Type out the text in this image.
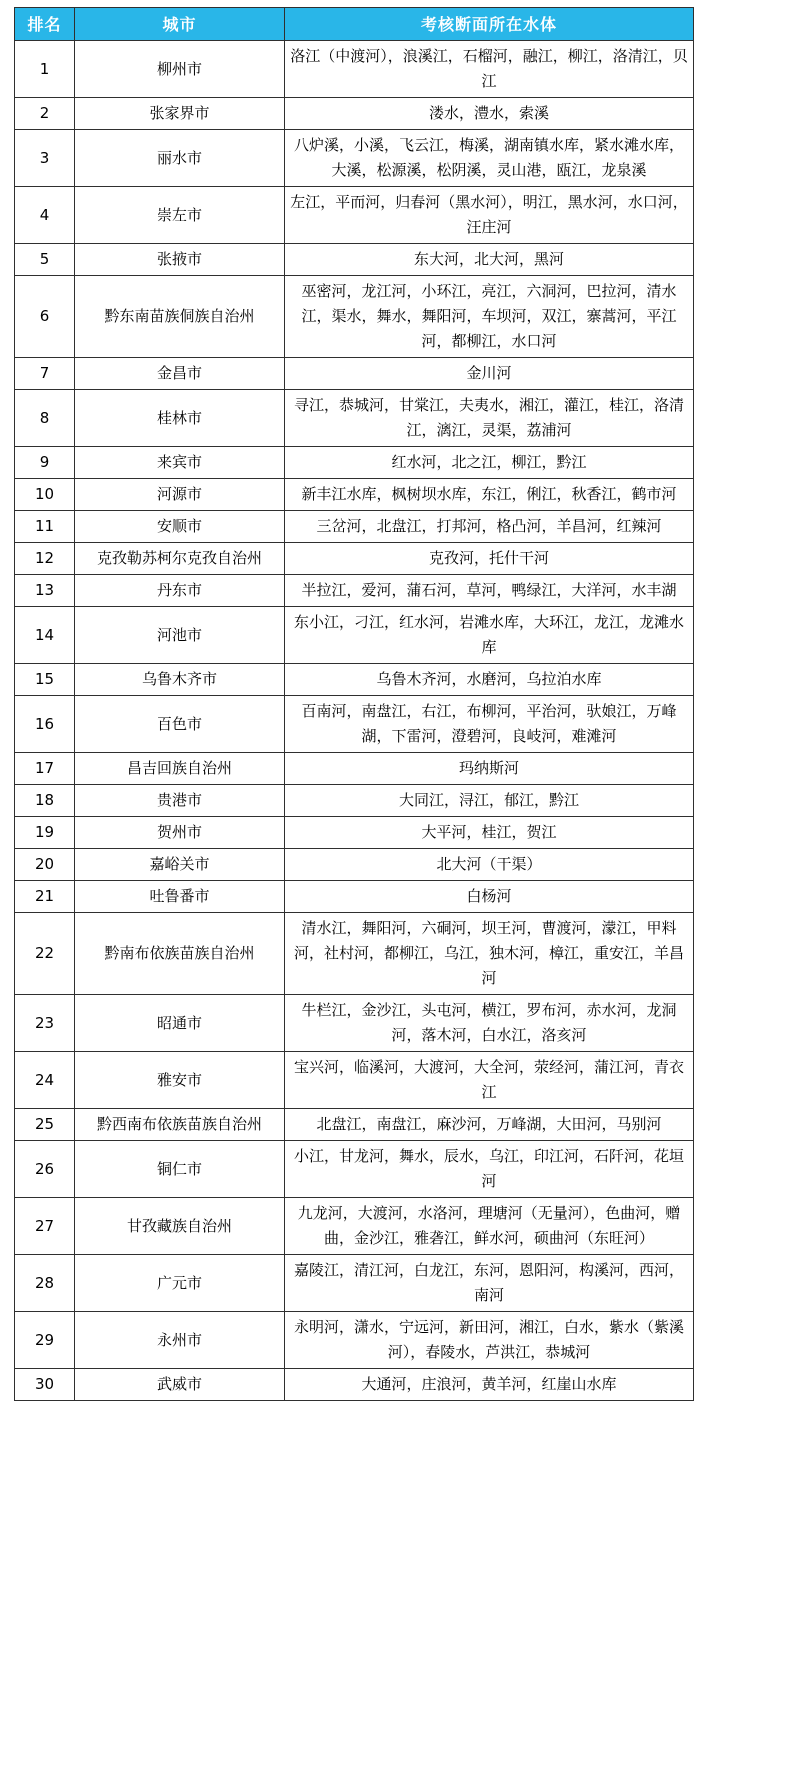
排名	城市	考核断面所在水体
1	柳州市	洛江（中渡河），浪溪江，石榴河，融江，柳江，洛清江，贝江
2	张家界市	溇水，澧水，索溪
3	丽水市	八炉溪，小溪，飞云江，梅溪，湖南镇水库，紧水滩水库，大溪，松源溪，松阴溪，灵山港，瓯江，龙泉溪
4	崇左市	左江，平而河，归春河（黑水河），明江，黑水河，水口河，汪庄河
5	张掖市	东大河，北大河，黑河
6	黔东南苗族侗族自治州	巫密河，龙江河，小环江，亮江，六洞河，巴拉河，清水江，渠水，舞水，舞阳河，车坝河，双江，寨蒿河，平江河，都柳江，水口河
7	金昌市	金川河
8	桂林市	寻江，恭城河，甘棠江，夫夷水，湘江，灌江，桂江，洛清江，漓江，灵渠，荔浦河
9	来宾市	红水河，北之江，柳江，黔江
10	河源市	新丰江水库，枫树坝水库，东江，俐江，秋香江，鹤市河
11	安顺市	三岔河，北盘江，打邦河，格凸河，羊昌河，红辣河
12	克孜勒苏柯尔克孜自治州	克孜河，托什干河
13	丹东市	半拉江，爱河，蒲石河，草河，鸭绿江，大洋河，水丰湖
14	河池市	东小江，刁江，红水河，岩滩水库，大环江，龙江，龙滩水库
15	乌鲁木齐市	乌鲁木齐河，水磨河，乌拉泊水库
16	百色市	百南河，南盘江，右江，布柳河，平治河，驮娘江，万峰湖，下雷河，澄碧河，良岐河，难滩河
17	昌吉回族自治州	玛纳斯河
18	贵港市	大同江，浔江，郁江，黔江
19	贺州市	大平河，桂江，贺江
20	嘉峪关市	北大河（干渠）
21	吐鲁番市	白杨河
22	黔南布依族苗族自治州	清水江，舞阳河，六硐河，坝王河，曹渡河，濛江，甲料河，社村河，都柳江，乌江，独木河，樟江，重安江，羊昌河
23	昭通市	牛栏江，金沙江，头屯河，横江，罗布河，赤水河，龙洞河，落木河，白水江，洛亥河
24	雅安市	宝兴河，临溪河，大渡河，大全河，荥经河，蒲江河，青衣江
25	黔西南布依族苗族自治州	北盘江，南盘江，麻沙河，万峰湖，大田河，马别河
26	铜仁市	小江，甘龙河，舞水，辰水，乌江，印江河，石阡河，花垣河
27	甘孜藏族自治州	九龙河，大渡河，水洛河，理塘河（无量河），色曲河，赠曲，金沙江，雅砻江，鲜水河，硕曲河（东旺河）
28	广元市	嘉陵江，清江河，白龙江，东河，恩阳河，构溪河，西河，南河
29	永州市	永明河，潇水，宁远河，新田河，湘江，白水，紫水（紫溪河），春陵水，芦洪江，恭城河
30	武威市	大通河，庄浪河，黄羊河，红崖山水库
